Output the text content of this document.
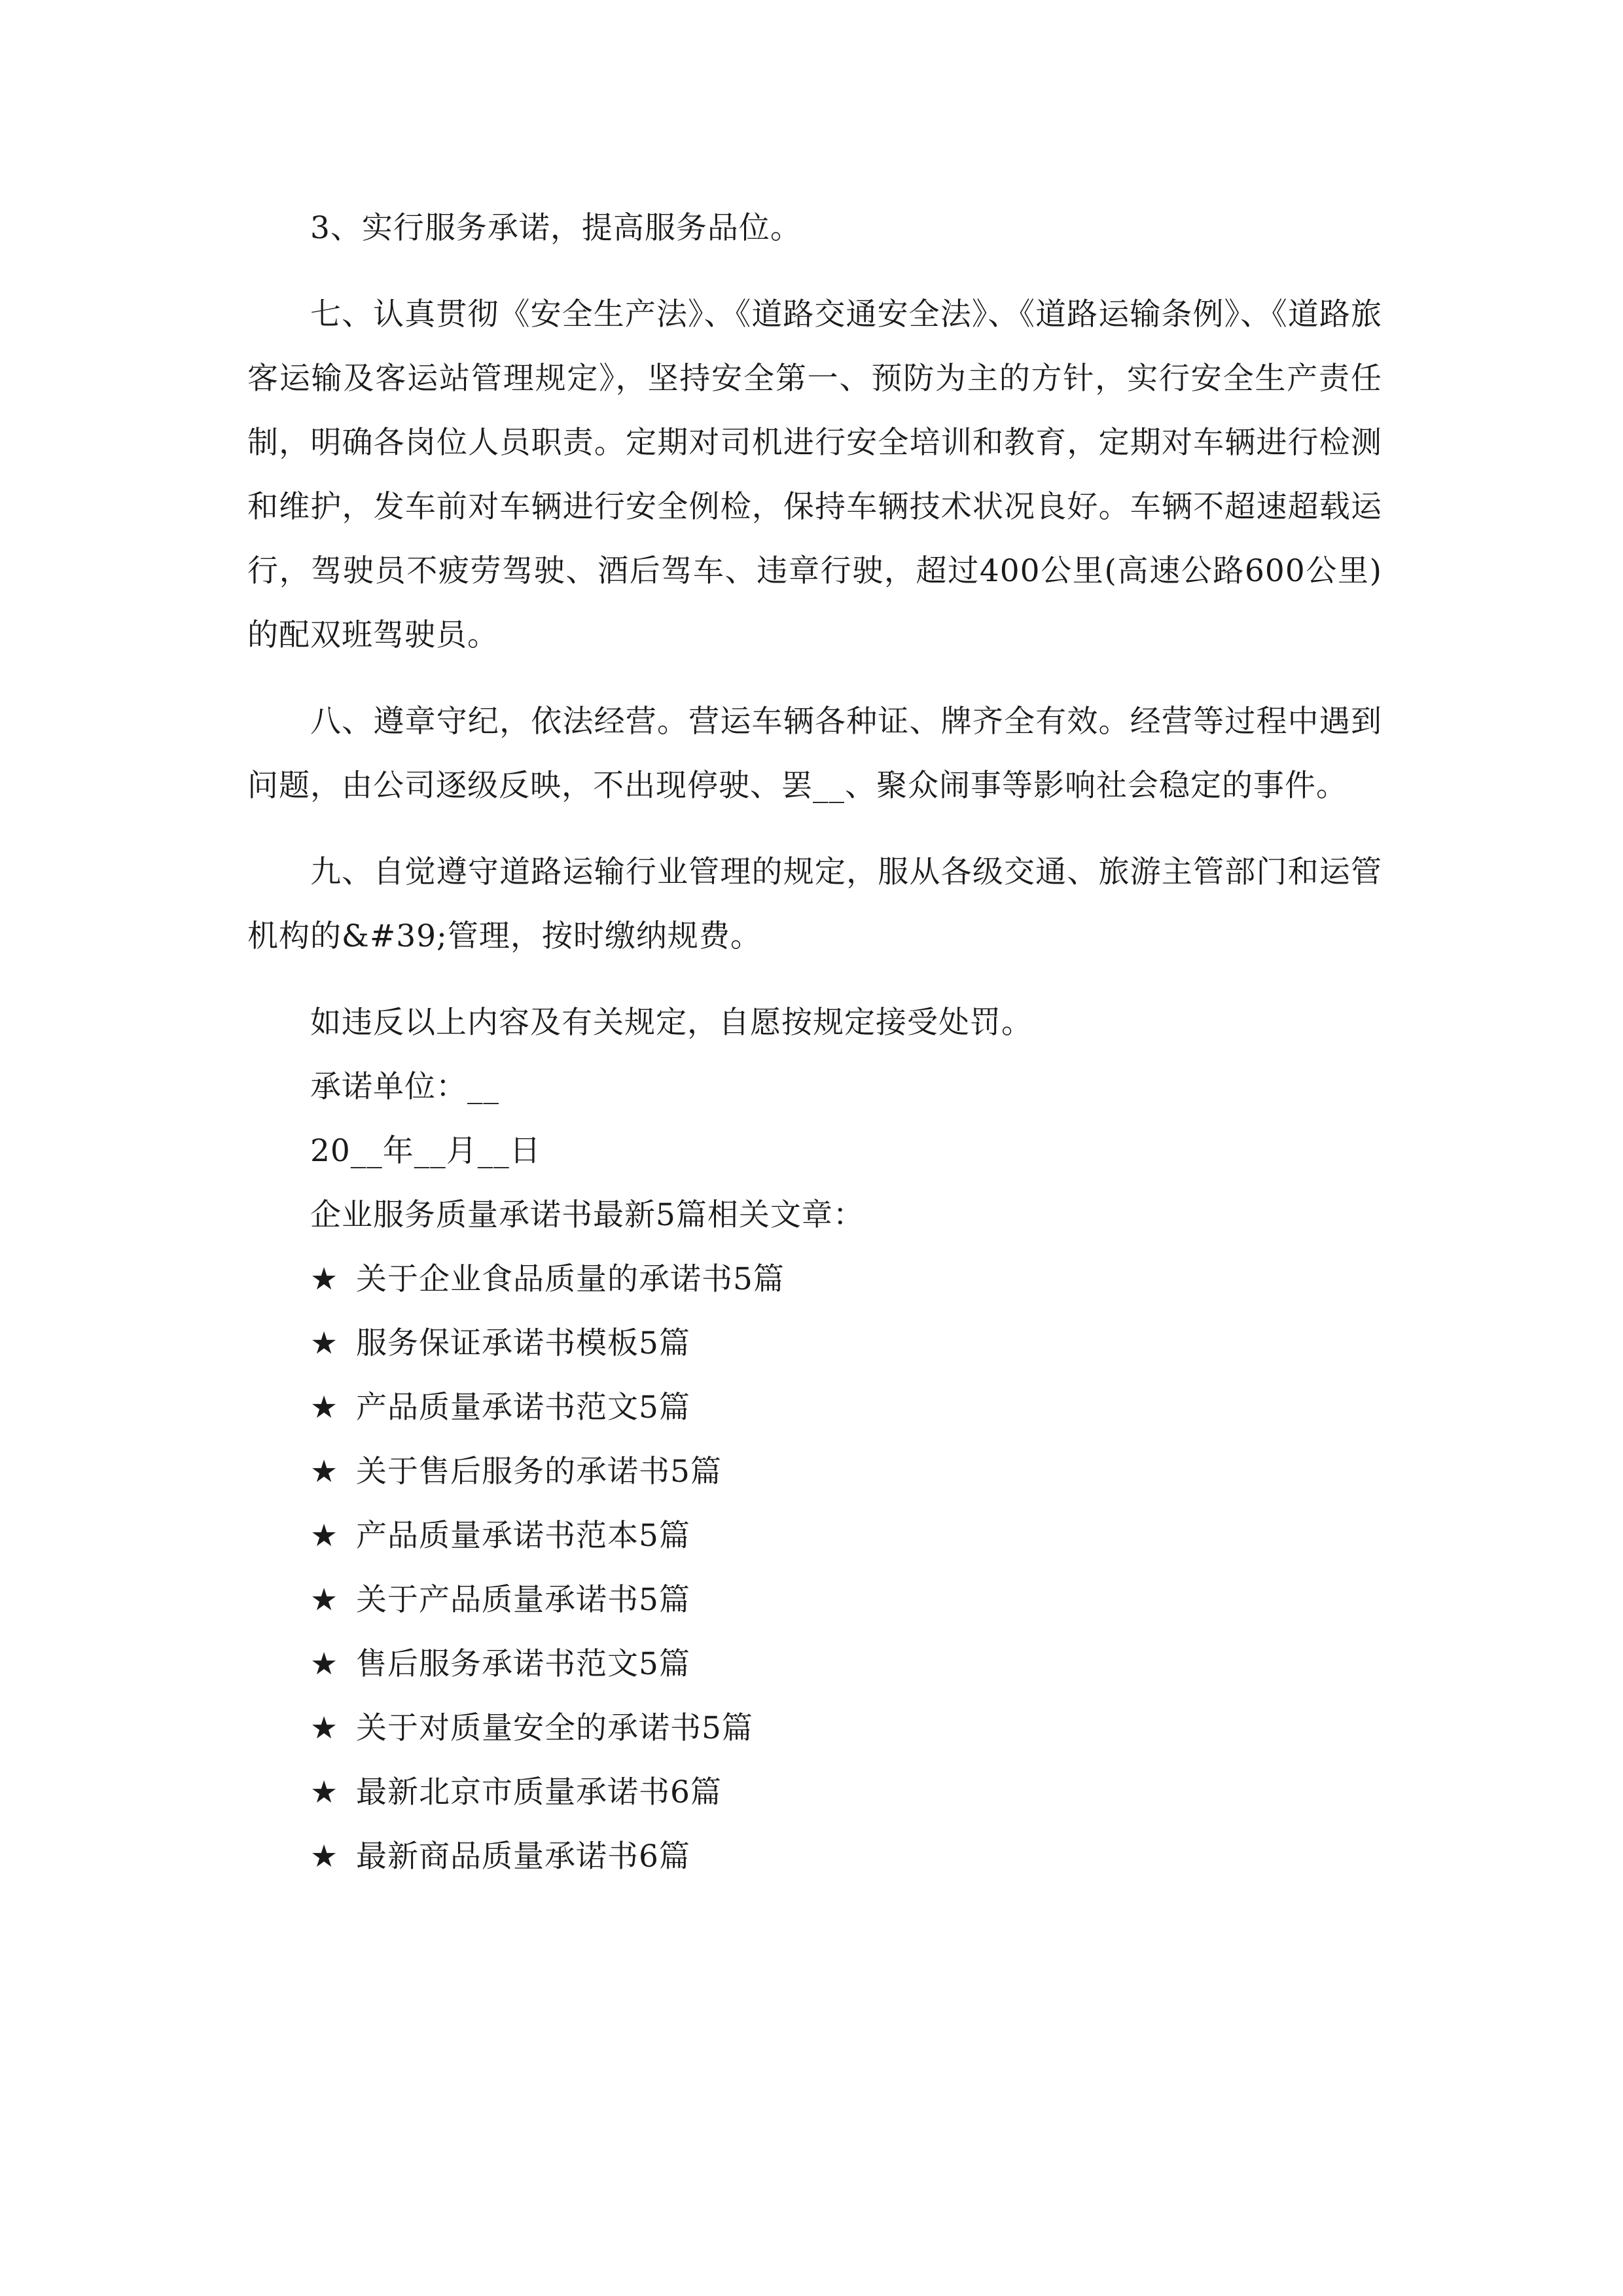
3、实行服务承诺，提高服务品位。

七、认真贯彻《安全生产法》、《道路交通安全法》、《道路运输条例》、《道路旅客运输及客运站管理规定》，坚持安全第一、预防为主的方针，实行安全生产责任制，明确各岗位人员职责。定期对司机进行安全培训和教育，定期对车辆进行检测和维护，发车前对车辆进行安全例检，保持车辆技术状况良好。车辆不超速超载运行，驾驶员不疲劳驾驶、酒后驾车、违章行驶，超过400公里(高速公路600公里)的配双班驾驶员。

八、遵章守纪，依法经营。营运车辆各种证、牌齐全有效。经营等过程中遇到问题，由公司逐级反映，不出现停驶、罢__、聚众闹事等影响社会稳定的事件。

九、自觉遵守道路运输行业管理的规定，服从各级交通、旅游主管部门和运管机构的&#39;管理，按时缴纳规费。

如违反以上内容及有关规定，自愿按规定接受处罚。

承诺单位：__
20__年__月__日
企业服务质量承诺书最新5篇相关文章：
★ 关于企业食品质量的承诺书5篇
★ 服务保证承诺书模板5篇
★ 产品质量承诺书范文5篇
★ 关于售后服务的承诺书5篇
★ 产品质量承诺书范本5篇
★ 关于产品质量承诺书5篇
★ 售后服务承诺书范文5篇
★ 关于对质量安全的承诺书5篇
★ 最新北京市质量承诺书6篇
★ 最新商品质量承诺书6篇
